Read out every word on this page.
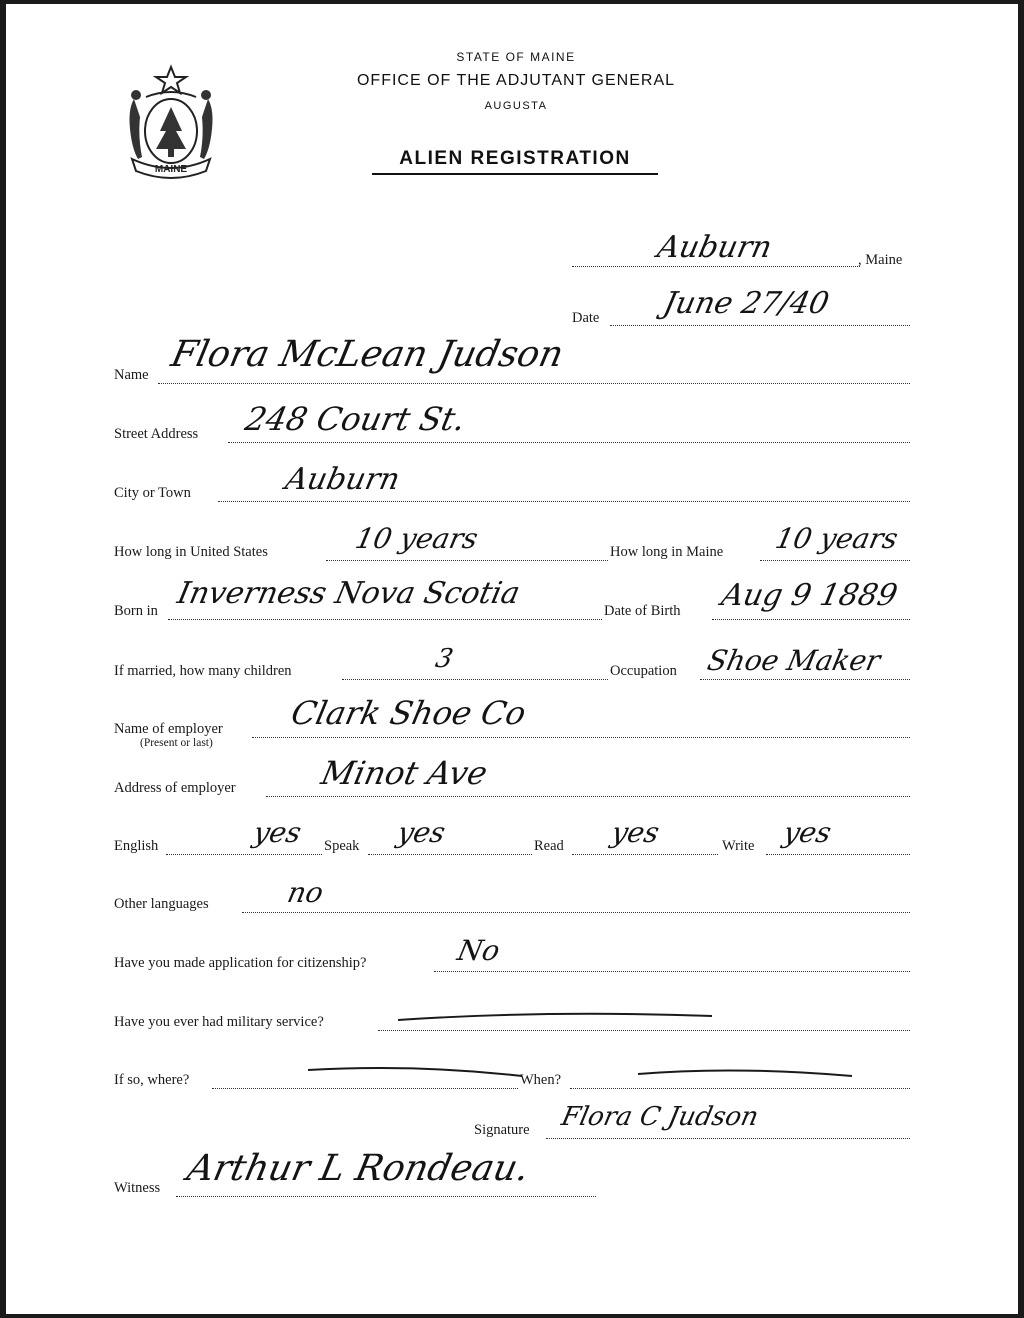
MAINE
STATE OF MAINE
OFFICE OF THE ADJUTANT GENERAL
AUGUSTA
ALIEN REGISTRATION
Auburn	, Maine
Date June 27/40
Name Flora McLean Judson
Street Address 248 Court St.
City or Town	Auburn
How long in United States	10 years	How long in Maine 10 years
Born in Inverness Nova Scotia	Date of Birth Aug 9 1889
If married, how many children	3	Occupation Shoe Maker
Name of employer
(Present or last)
Clark Shoe Co
Address of employer	Minot Ave
English	yes Speak yes	Read yes	Write yes
Other languages	no
Have you made application for citizenship?	No
Have you ever had military service?
If so, where?	When?
Signature Flora C Judson
Witness Arthur L Rondeau.
